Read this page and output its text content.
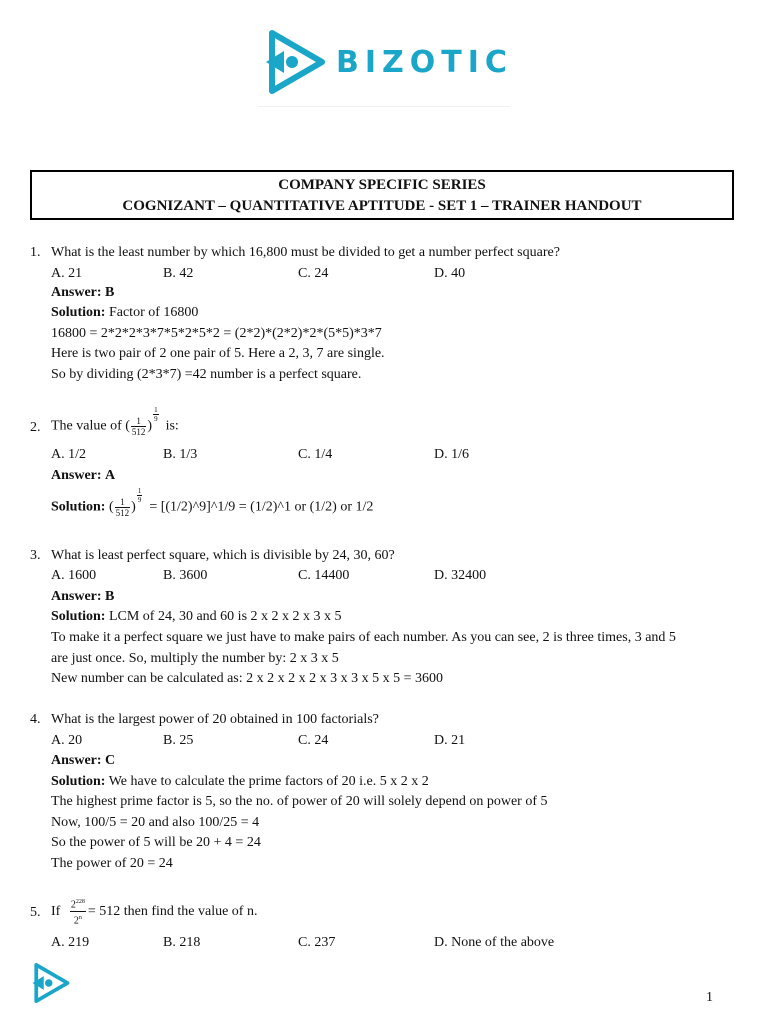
BIZOTIC
COMPANY SPECIFIC SERIES
COGNIZANT – QUANTITATIVE APTITUDE - SET 1 – TRAINER HANDOUT
1. What is the least number by which 16,800 must be divided to get a number perfect square?
A. 21	B. 42	C. 24	D. 40
Answer: B
Solution: Factor of 16800
16800 = 2*2*2*3*7*5*2*5*2 = (2*2)*(2*2)*2*(5*5)*3*7
Here is two pair of 2 one pair of 5. Here a 2, 3, 7 are single.
So by dividing (2*3*7) =42 number is a perfect square.
2. The value of ( $\frac{1}{512}$ )
$\frac{1}{9}$
is:
A. 1/2	B. 1/3	C. 1/4	D. 1/6
Answer: A
Solution: ( $\frac{1}{512}$ )
$\frac{1}{9}$
= [(1/2)^9]^1/9 = (1/2)^1 or (1/2) or 1/2
3. What is least perfect square, which is divisible by 24, 30, 60?
A. 1600	B. 3600	C. 14400	D. 32400
Answer: B
Solution: LCM of 24, 30 and 60 is 2 x 2 x 2 x 3 x 5
To make it a perfect square we just have to make pairs of each number. As you can see, 2 is three times, 3 and 5
are just once. So, multiply the number by: 2 x 3 x 5
New number can be calculated as: 2 x 2 x 2 x 2 x 3 x 3 x 5 x 5 = 3600
4. What is the largest power of 20 obtained in 100 factorials?
A. 20	B. 25	C. 24	D. 21
Answer: C
Solution: We have to calculate the prime factors of 20 i.e. 5 x 2 x 2
The highest prime factor is 5, so the no. of power of 20 will solely depend on power of 5
Now, 100/5 = 20 and also 100/25 = 4
So the power of 5 will be 20 + 4 = 24
The power of 20 = 24
5. If $\frac{2^{228}}{2^n} = 512$ then find the value of n.
A. 219	B. 218	C. 237	D. None of the above
1
